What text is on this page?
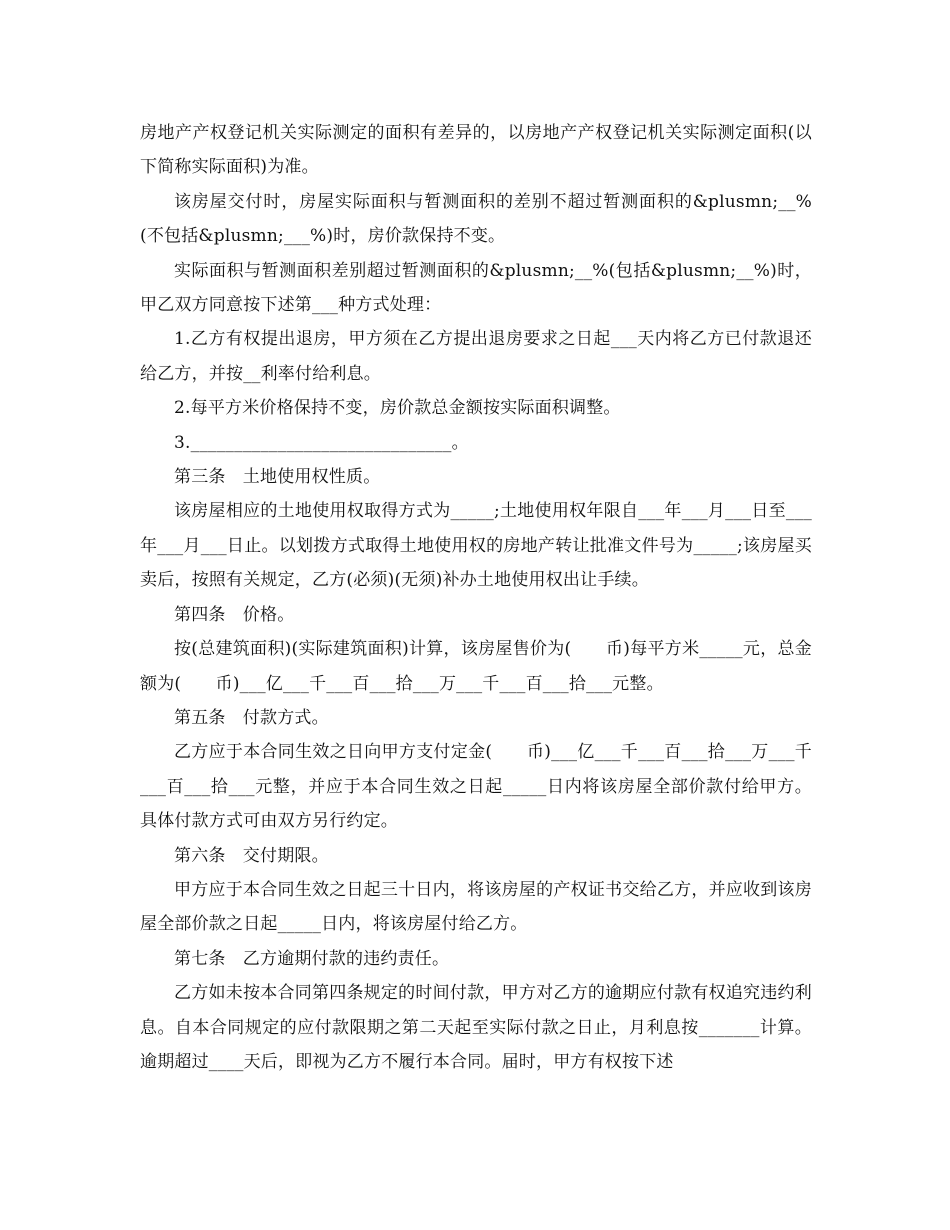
房地产产权登记机关实际测定的面积有差异的，以房地产产权登记机关实际测定面积(以下简称实际面积)为准。

该房屋交付时，房屋实际面积与暂测面积的差别不超过暂测面积的&plusmn;__%(不包括&plusmn;___%)时，房价款保持不变。

实际面积与暂测面积差别超过暂测面积的&plusmn;__%(包括&plusmn;__%)时，甲乙双方同意按下述第___种方式处理：

1.乙方有权提出退房，甲方须在乙方提出退房要求之日起___天内将乙方已付款退还给乙方，并按__利率付给利息。

2.每平方米价格保持不变，房价款总金额按实际面积调整。

3.______________________________。

第三条　土地使用权性质。

该房屋相应的土地使用权取得方式为_____;土地使用权年限自___年___月___日至___年___月___日止。以划拨方式取得土地使用权的房地产转让批准文件号为_____;该房屋买卖后，按照有关规定，乙方(必须)(无须)补办土地使用权出让手续。

第四条　价格。

按(总建筑面积)(实际建筑面积)计算，该房屋售价为(　　币)每平方米_____元，总金额为(　　币)___亿___千___百___拾___万___千___百___拾___元整。

第五条　付款方式。

乙方应于本合同生效之日向甲方支付定金(　　币)___亿___千___百___拾___万___千___百___拾___元整，并应于本合同生效之日起_____日内将该房屋全部价款付给甲方。具体付款方式可由双方另行约定。

第六条　交付期限。

甲方应于本合同生效之日起三十日内，将该房屋的产权证书交给乙方，并应收到该房屋全部价款之日起_____日内，将该房屋付给乙方。

第七条　乙方逾期付款的违约责任。

乙方如未按本合同第四条规定的时间付款，甲方对乙方的逾期应付款有权追究违约利息。自本合同规定的应付款限期之第二天起至实际付款之日止，月利息按_______计算。逾期超过____天后，即视为乙方不履行本合同。届时，甲方有权按下述
